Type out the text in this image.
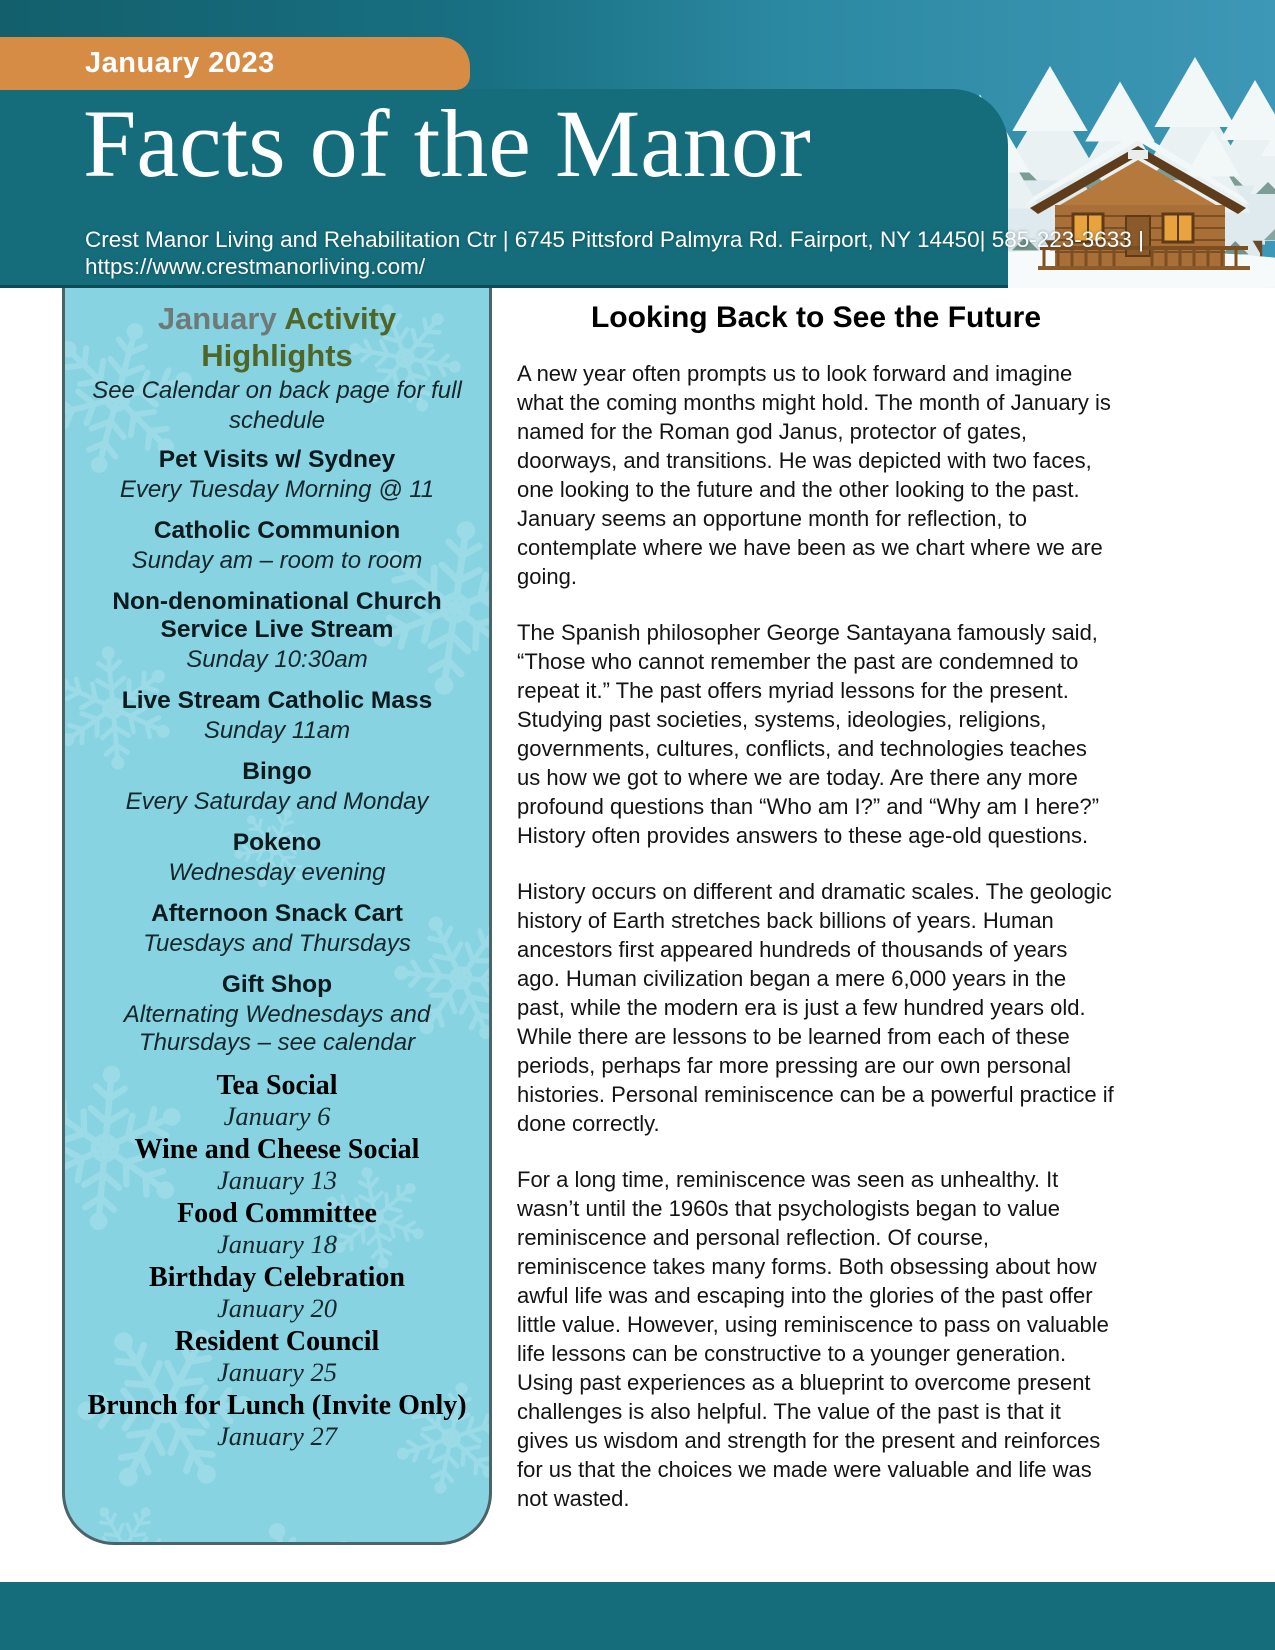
January 2023
Facts of the Manor
Crest Manor Living and Rehabilitation Ctr | 6745 Pittsford Palmyra Rd. Fairport, NY 14450| 585-223-3633 |
https://www.crestmanorliving.com/
January Activity Highlights
See Calendar on back page for full schedule
Pet Visits w/ Sydney
Every Tuesday Morning @ 11
Catholic Communion
Sunday am – room to room
Non-denominational Church Service Live Stream
Sunday 10:30am
Live Stream Catholic Mass
Sunday 11am
Bingo
Every Saturday and Monday
Pokeno
Wednesday evening
Afternoon Snack Cart
Tuesdays and Thursdays
Gift Shop
Alternating Wednesdays and Thursdays – see calendar
Tea Social
January 6
Wine and Cheese Social
January 13
Food Committee
January 18
Birthday Celebration
January 20
Resident Council
January 25
Brunch for Lunch (Invite Only)
January 27
Looking Back to See the Future

A new year often prompts us to look forward and imagine what the coming months might hold. The month of January is named for the Roman god Janus, protector of gates, doorways, and transitions. He was depicted with two faces, one looking to the future and the other looking to the past. January seems an opportune month for reflection, to contemplate where we have been as we chart where we are going.

The Spanish philosopher George Santayana famously said, “Those who cannot remember the past are condemned to repeat it.” The past offers myriad lessons for the present. Studying past societies, systems, ideologies, religions, governments, cultures, conflicts, and technologies teaches us how we got to where we are today. Are there any more profound questions than “Who am I?” and “Why am I here?” History often provides answers to these age-old questions.

History occurs on different and dramatic scales. The geologic history of Earth stretches back billions of years. Human ancestors first appeared hundreds of thousands of years ago. Human civilization began a mere 6,000 years in the past, while the modern era is just a few hundred years old. While there are lessons to be learned from each of these periods, perhaps far more pressing are our own personal histories. Personal reminiscence can be a powerful practice if done correctly.

For a long time, reminiscence was seen as unhealthy. It wasn’t until the 1960s that psychologists began to value reminiscence and personal reflection. Of course, reminiscence takes many forms. Both obsessing about how awful life was and escaping into the glories of the past offer little value. However, using reminiscence to pass on valuable life lessons can be constructive to a younger generation. Using past experiences as a blueprint to overcome present challenges is also helpful. The value of the past is that it gives us wisdom and strength for the present and reinforces for us that the choices we made were valuable and life was not wasted.
